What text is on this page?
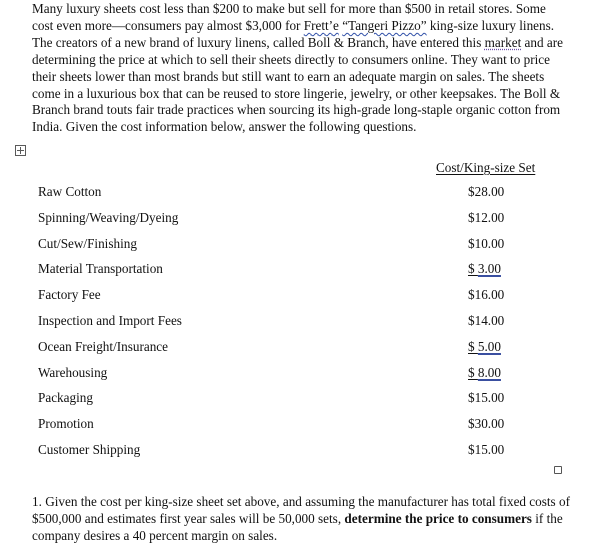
Many luxury sheets cost less than $200 to make but sell for more than $500 in retail stores. Some cost even more—consumers pay almost $3,000 for Frett’e “Tangeri Pizzo” king-size luxury linens. The creators of a new brand of luxury linens, called Boll & Branch, have entered this market and are determining the price at which to sell their sheets directly to consumers online. They want to price their sheets lower than most brands but still want to earn an adequate margin on sales. The sheets come in a luxurious box that can be reused to store lingerie, jewelry, or other keepsakes. The Boll & Branch brand touts fair trade practices when sourcing its high-grade long-staple organic cotton from India. Given the cost information below, answer the following questions.

Cost/King-size Set
Raw Cotton	$28.00
Spinning/Weaving/Dyeing	$12.00
Cut/Sew/Finishing	$10.00
Material Transportation	$ 3.00
Factory Fee	$16.00
Inspection and Import Fees	$14.00
Ocean Freight/Insurance	$ 5.00
Warehousing	$ 8.00
Packaging	$15.00
Promotion	$30.00
Customer Shipping	$15.00

1. Given the cost per king-size sheet set above, and assuming the manufacturer has total fixed costs of $500,000 and estimates first year sales will be 50,000 sets, determine the price to consumers if the company desires a 40 percent margin on sales.
